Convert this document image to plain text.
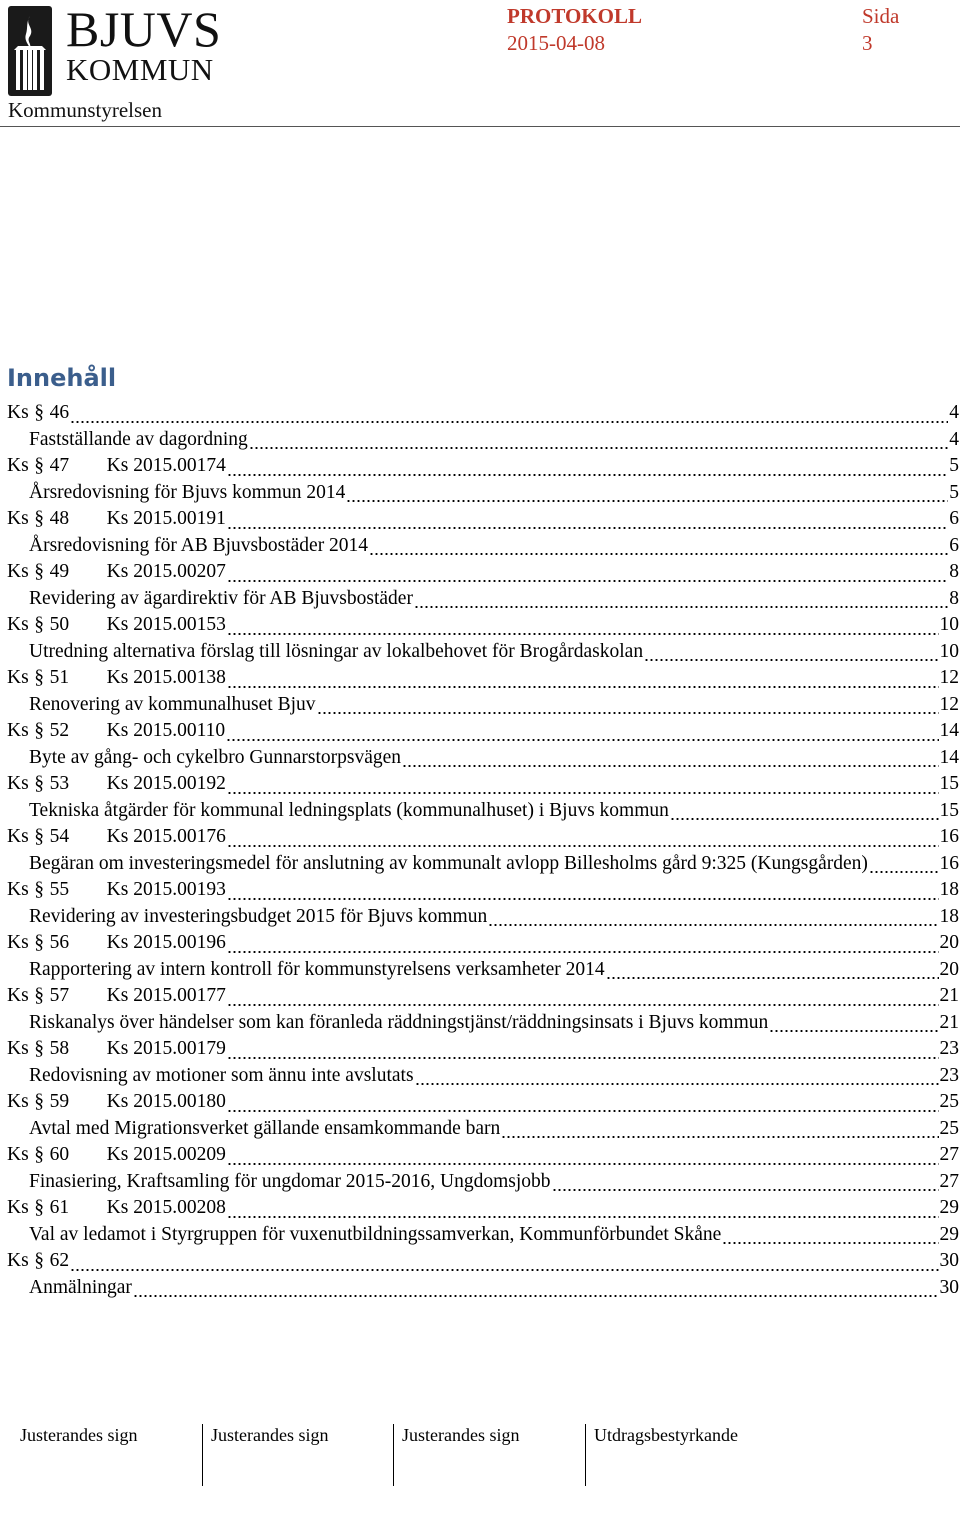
BJUVS
KOMMUN
PROTOKOLL	Sida
2015-04-08	3
Kommunstyrelsen
Innehåll
Ks § 46	4
Fastställande av dagordning	4
Ks § 47 Ks 2015.00174	5
Årsredovisning för Bjuvs kommun 2014	5
Ks § 48 Ks 2015.00191	6
Årsredovisning för AB Bjuvsbostäder 2014	6
Ks § 49 Ks 2015.00207	8
Revidering av ägardirektiv för AB Bjuvsbostäder	8
Ks § 50 Ks 2015.00153	10
Utredning alternativa förslag till lösningar av lokalbehovet för Brogårdaskolan	10
Ks § 51 Ks 2015.00138	12
Renovering av kommunalhuset Bjuv	12
Ks § 52 Ks 2015.00110	14
Byte av gång- och cykelbro Gunnarstorpsvägen	14
Ks § 53 Ks 2015.00192	15
Tekniska åtgärder för kommunal ledningsplats (kommunalhuset) i Bjuvs kommun	15
Ks § 54 Ks 2015.00176	16
Begäran om investeringsmedel för anslutning av kommunalt avlopp Billesholms gård 9:325 (Kungsgården)	16
Ks § 55 Ks 2015.00193	18
Revidering av investeringsbudget 2015 för Bjuvs kommun	18
Ks § 56 Ks 2015.00196	20
Rapportering av intern kontroll för kommunstyrelsens verksamheter 2014	20
Ks § 57 Ks 2015.00177	21
Riskanalys över händelser som kan föranleda räddningstjänst/räddningsinsats i Bjuvs kommun	21
Ks § 58 Ks 2015.00179	23
Redovisning av motioner som ännu inte avslutats	23
Ks § 59 Ks 2015.00180	25
Avtal med Migrationsverket gällande ensamkommande barn	25
Ks § 60 Ks 2015.00209	27
Finasiering, Kraftsamling för ungdomar 2015-2016, Ungdomsjobb	27
Ks § 61 Ks 2015.00208	29
Val av ledamot i Styrgruppen för vuxenutbildningssamverkan, Kommunförbundet Skåne	29
Ks § 62	30
Anmälningar	30
Justerandes sign	Justerandes sign	Justerandes sign	Utdragsbestyrkande
